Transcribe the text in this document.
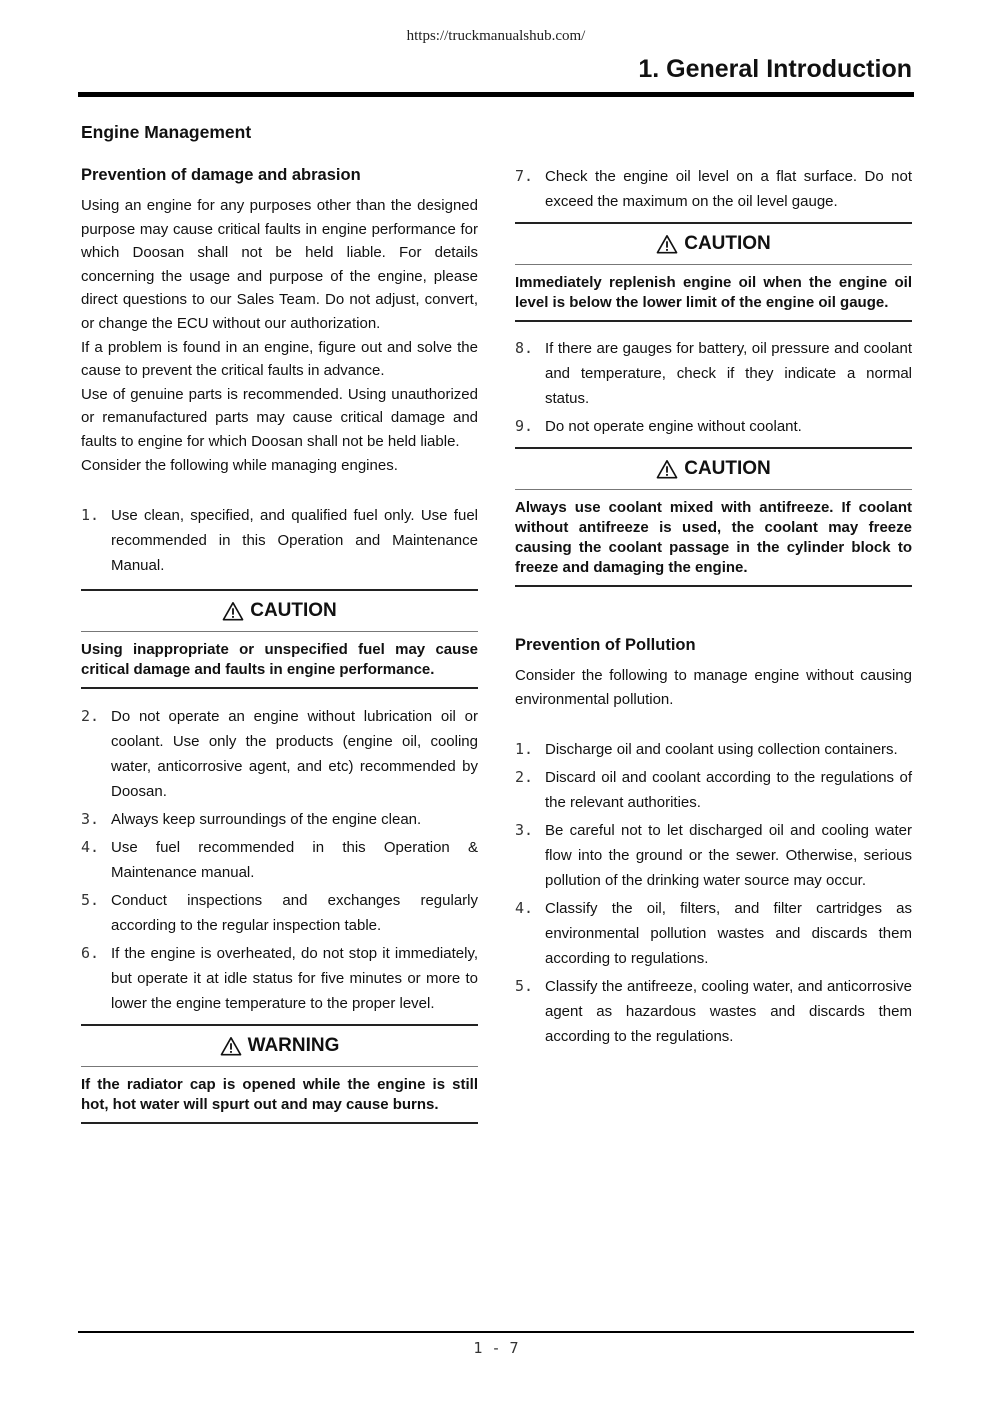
https://truckmanualshub.com/
1. General Introduction
Engine Management
Prevention of damage and abrasion

Using an engine for any purposes other than the designed purpose may cause critical faults in engine performance for which Doosan shall not be held liable. For details concerning the usage and purpose of the engine, please direct questions to our Sales Team. Do not adjust, convert, or change the ECU without our authorization.

If a problem is found in an engine, figure out and solve the cause to prevent the critical faults in advance.

Use of genuine parts is recommended. Using unauthorized or remanufactured parts may cause critical damage and faults to engine for which Doosan shall not be held liable.

Consider the following while managing engines.

1. Use clean, specified, and qualified fuel only. Use fuel recommended in this Operation and Maintenance Manual.
CAUTION
Using inappropriate or unspecified fuel may cause critical damage and faults in engine performance.
2. Do not operate an engine without lubrication oil or coolant. Use only the products (engine oil, cooling water, anticorrosive agent, and etc) recommended by Doosan.
3. Always keep surroundings of the engine clean.
4. Use fuel recommended in this Operation & Maintenance manual.
5. Conduct inspections and exchanges regularly according to the regular inspection table.
6. If the engine is overheated, do not stop it immediately, but operate it at idle status for five minutes or more to lower the engine temperature to the proper level.
WARNING
If the radiator cap is opened while the engine is still hot, hot water will spurt out and may cause burns.
7. Check the engine oil level on a flat surface. Do not exceed the maximum on the oil level gauge.
CAUTION
Immediately replenish engine oil when the engine oil level is below the lower limit of the engine oil gauge.
8. If there are gauges for battery, oil pressure and coolant and temperature, check if they indicate a normal status.
9. Do not operate engine without coolant.
CAUTION
Always use coolant mixed with antifreeze. If coolant without antifreeze is used, the coolant may freeze causing the coolant passage in the cylinder block to freeze and damaging the engine.
Prevention of Pollution

Consider the following to manage engine without causing environmental pollution.

1. Discharge oil and coolant using collection containers.
2. Discard oil and coolant according to the regulations of the relevant authorities.
3. Be careful not to let discharged oil and cooling water flow into the ground or the sewer. Otherwise, serious pollution of the drinking water source may occur.
4. Classify the oil, filters, and filter cartridges as environmental pollution wastes and discards them according to regulations.
5. Classify the antifreeze, cooling water, and anticorrosive agent as hazardous wastes and discards them according to the regulations.
1 - 7
